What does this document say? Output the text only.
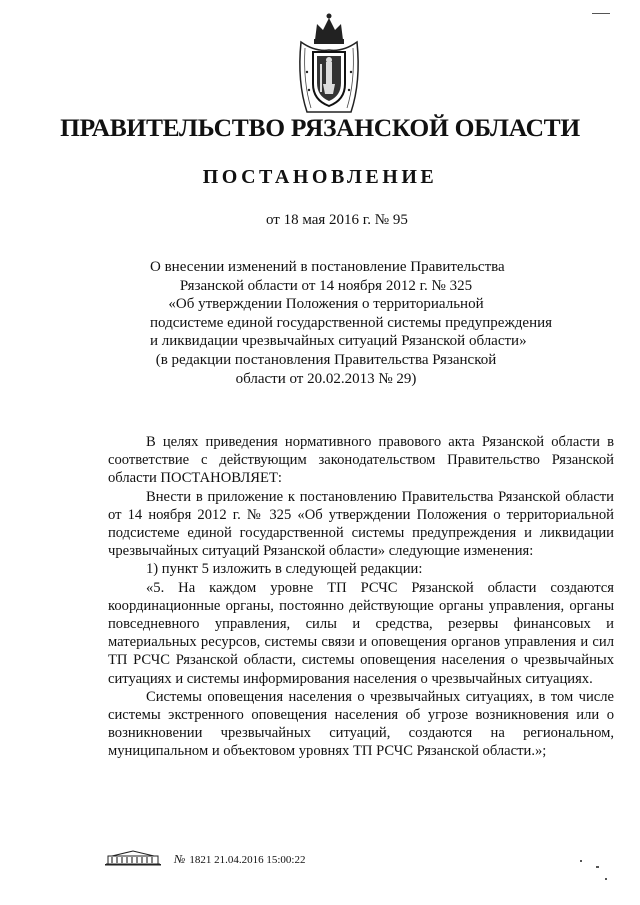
ПРАВИТЕЛЬСТВО РЯЗАНСКОЙ ОБЛАСТИ
ПОСТАНОВЛЕНИЕ
от 18 мая 2016 г. № 95
О внесении изменений в постановление Правительства
Рязанской области от 14 ноября 2012 г. № 325
«Об утверждении Положения о территориальной
подсистеме единой государственной системы предупреждения
и ликвидации чрезвычайных ситуаций Рязанской области»
(в редакции постановления Правительства Рязанской
области от 20.02.2013 № 29)

В целях приведения нормативного правового акта Рязанской области в соответствие с действующим законодательством Правительство Рязанской области ПОСТАНОВЛЯЕТ:

Внести в приложение к постановлению Правительства Рязанской области от 14 ноября 2012 г. № 325 «Об утверждении Положения о территориальной подсистеме единой государственной системы предупреждения и ликвидации чрезвычайных ситуаций Рязанской области» следующие изменения:

1) пункт 5 изложить в следующей редакции:

«5. На каждом уровне ТП РСЧС Рязанской области создаются координационные органы, постоянно действующие органы управления, органы повседневного управления, силы и средства, резервы финансовых и материальных ресурсов, системы связи и оповещения органов управления и сил ТП РСЧС Рязанской области, системы оповещения населения о чрезвычайных ситуациях и системы информирования населения о чрезвычайных ситуациях.

Системы оповещения населения о чрезвычайных ситуациях, в том числе системы экстренного оповещения населения об угрозе возникновения или о возникновении чрезвычайных ситуаций, создаются на региональном, муниципальном и объектовом уровнях ТП РСЧС Рязанской области.»;

№ 1821 21.04.2016 15:00:22
